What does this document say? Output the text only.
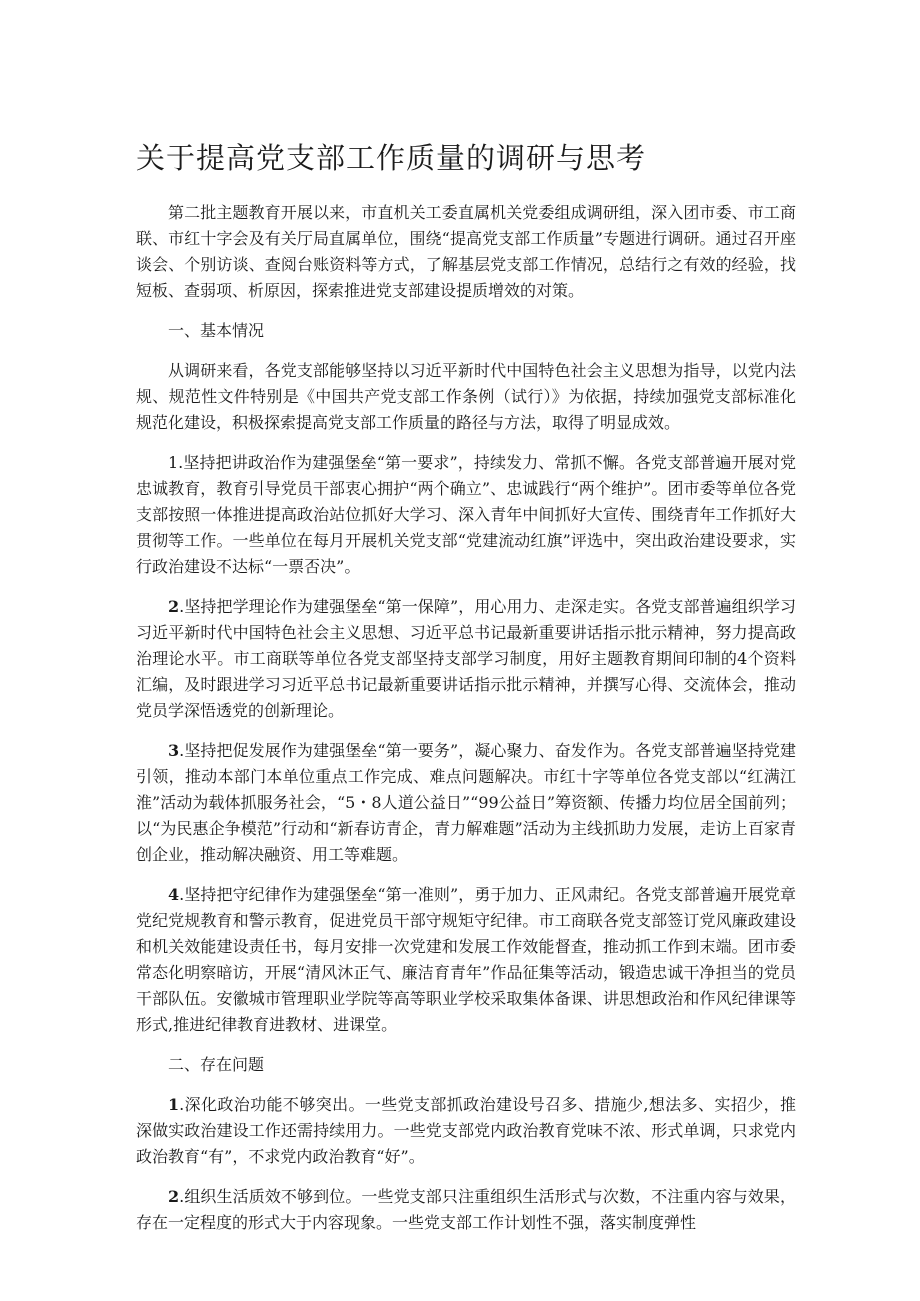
关于提高党支部工作质量的调研与思考

第二批主题教育开展以来，市直机关工委直属机关党委组成调研组，深入团市委、市工商联、市红十字会及有关厅局直属单位，围绕“提高党支部工作质量”专题进行调研。通过召开座谈会、个别访谈、查阅台账资料等方式，了解基层党支部工作情况，总结行之有效的经验，找短板、查弱项、析原因，探索推进党支部建设提质增效的对策。

一、基本情况

从调研来看，各党支部能够坚持以习近平新时代中国特色社会主义思想为指导，以党内法规、规范性文件特别是《中国共产党支部工作条例（试行）》为依据，持续加强党支部标准化规范化建设，积极探索提高党支部工作质量的路径与方法，取得了明显成效。

1.坚持把讲政治作为建强堡垒“第一要求”，持续发力、常抓不懈。各党支部普遍开展对党忠诚教育，教育引导党员干部衷心拥护“两个确立”、忠诚践行“两个维护”。团市委等单位各党支部按照一体推进提高政治站位抓好大学习、深入青年中间抓好大宣传、围绕青年工作抓好大贯彻等工作。一些单位在每月开展机关党支部“党建流动红旗”评选中，突出政治建设要求，实行政治建设不达标“一票否决”。

2.坚持把学理论作为建强堡垒“第一保障”，用心用力、走深走实。各党支部普遍组织学习习近平新时代中国特色社会主义思想、习近平总书记最新重要讲话指示批示精神，努力提高政治理论水平。市工商联等单位各党支部坚持支部学习制度，用好主题教育期间印制的4个资料汇编，及时跟进学习习近平总书记最新重要讲话指示批示精神，并撰写心得、交流体会，推动党员学深悟透党的创新理论。

3.坚持把促发展作为建强堡垒“第一要务”，凝心聚力、奋发作为。各党支部普遍坚持党建引领，推动本部门本单位重点工作完成、难点问题解决。市红十字等单位各党支部以“红满江淮”活动为载体抓服务社会，“5・8人道公益日”“99公益日”筹资额、传播力均位居全国前列；以“为民惠企争模范”行动和“新春访青企，青力解难题”活动为主线抓助力发展，走访上百家青创企业，推动解决融资、用工等难题。

4.坚持把守纪律作为建强堡垒“第一准则”，勇于加力、正风肃纪。各党支部普遍开展党章党纪党规教育和警示教育，促进党员干部守规矩守纪律。市工商联各党支部签订党风廉政建设和机关效能建设责任书，每月安排一次党建和发展工作效能督查，推动抓工作到末端。团市委常态化明察暗访，开展“清风沐正气、廉洁育青年”作品征集等活动，锻造忠诚干净担当的党员干部队伍。安徽城市管理职业学院等高等职业学校采取集体备课、讲思想政治和作风纪律课等形式,推进纪律教育进教材、进课堂。

二、存在问题

1.深化政治功能不够突出。一些党支部抓政治建设号召多、措施少,想法多、实招少，推深做实政治建设工作还需持续用力。一些党支部党内政治教育党味不浓、形式单调，只求党内政治教育“有”，不求党内政治教育“好”。

2.组织生活质效不够到位。一些党支部只注重组织生活形式与次数，不注重内容与效果，存在一定程度的形式大于内容现象。一些党支部工作计划性不强，落实制度弹性
